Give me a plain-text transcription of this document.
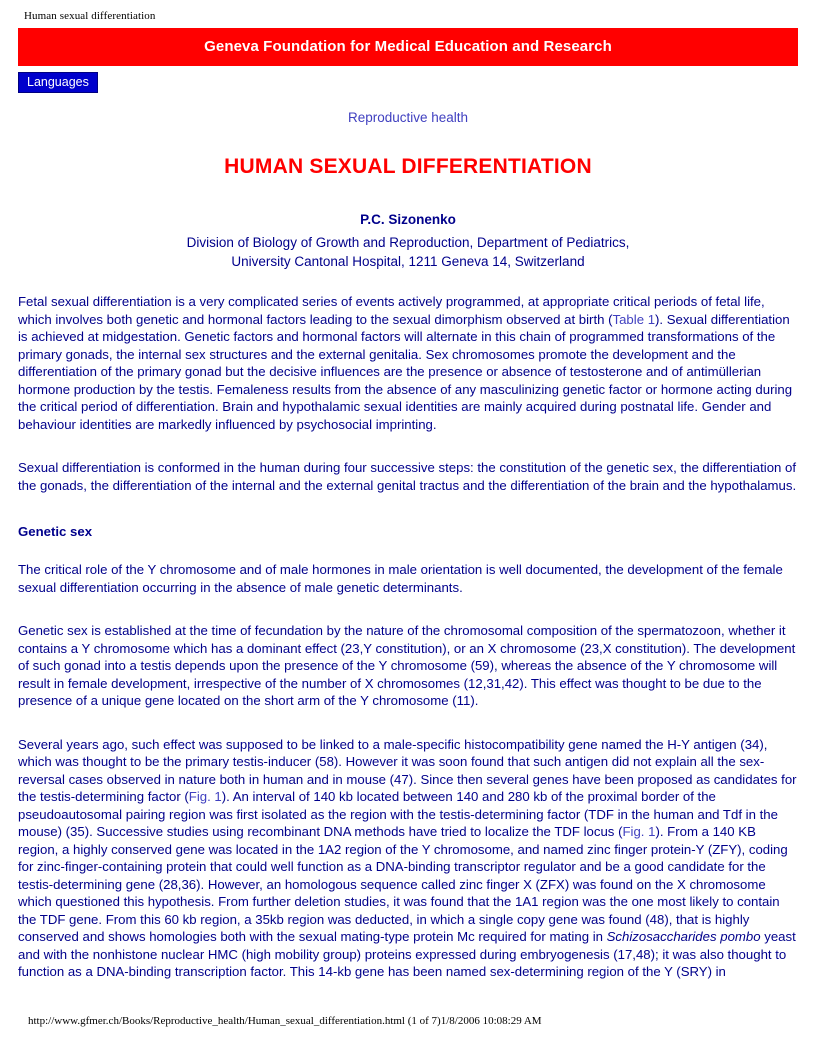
Human sexual differentiation
Geneva Foundation for Medical Education and Research
Languages
Reproductive health
HUMAN SEXUAL DIFFERENTIATION
P.C. Sizonenko
Division of Biology of Growth and Reproduction, Department of Pediatrics,
University Cantonal Hospital, 1211 Geneva 14, Switzerland

Fetal sexual differentiation is a very complicated series of events actively programmed, at appropriate critical periods of fetal life, which involves both genetic and hormonal factors leading to the sexual dimorphism observed at birth (Table 1). Sexual differentiation is achieved at midgestation. Genetic factors and hormonal factors will alternate in this chain of programmed transformations of the primary gonads, the internal sex structures and the external genitalia. Sex chromosomes promote the development and the differentiation of the primary gonad but the decisive influences are the presence or absence of testosterone and of antimüllerian hormone production by the testis. Femaleness results from the absence of any masculinizing genetic factor or hormone acting during the critical period of differentiation. Brain and hypothalamic sexual identities are mainly acquired during postnatal life. Gender and behaviour identities are markedly influenced by psychosocial imprinting.

Sexual differentiation is conformed in the human during four successive steps: the constitution of the genetic sex, the differentiation of the gonads, the differentiation of the internal and the external genital tractus and the differentiation of the brain and the hypothalamus.

Genetic sex

The critical role of the Y chromosome and of male hormones in male orientation is well documented, the development of the female sexual differentiation occurring in the absence of male genetic determinants.

Genetic sex is established at the time of fecundation by the nature of the chromosomal composition of the spermatozoon, whether it contains a Y chromosome which has a dominant effect (23,Y constitution), or an X chromosome (23,X constitution). The development of such gonad into a testis depends upon the presence of the Y chromosome (59), whereas the absence of the Y chromosome will result in female development, irrespective of the number of X chromosomes (12,31,42). This effect was thought to be due to the presence of a unique gene located on the short arm of the Y chromosome (11).

Several years ago, such effect was supposed to be linked to a male-specific histocompatibility gene named the H-Y antigen (34), which was thought to be the primary testis-inducer (58). However it was soon found that such antigen did not explain all the sex-reversal cases observed in nature both in human and in mouse (47). Since then several genes have been proposed as candidates for the testis-determining factor (Fig. 1). An interval of 140 kb located between 140 and 280 kb of the proximal border of the pseudoautosomal pairing region was first isolated as the region with the testis-determining factor (TDF in the human and Tdf in the mouse) (35). Successive studies using recombinant DNA methods have tried to localize the TDF locus (Fig. 1). From a 140 KB region, a highly conserved gene was located in the 1A2 region of the Y chromosome, and named zinc finger protein-Y (ZFY), coding for zinc-finger-containing protein that could well function as a DNA-binding transcriptor regulator and be a good candidate for the testis-determining gene (28,36). However, an homologous sequence called zinc finger X (ZFX) was found on the X chromosome which questioned this hypothesis. From further deletion studies, it was found that the 1A1 region was the one most likely to contain the TDF gene. From this 60 kb region, a 35kb region was deducted, in which a single copy gene was found (48), that is highly conserved and shows homologies both with the sexual mating-type protein Mc required for mating in Schizosaccharides pombo yeast and with the nonhistone nuclear HMC (high mobility group) proteins expressed during embryogenesis (17,48); it was also thought to function as a DNA-binding transcription factor. This 14-kb gene has been named sex-determining region of the Y (SRY) in

http://www.gfmer.ch/Books/Reproductive_health/Human_sexual_differentiation.html (1 of 7)1/8/2006 10:08:29 AM
